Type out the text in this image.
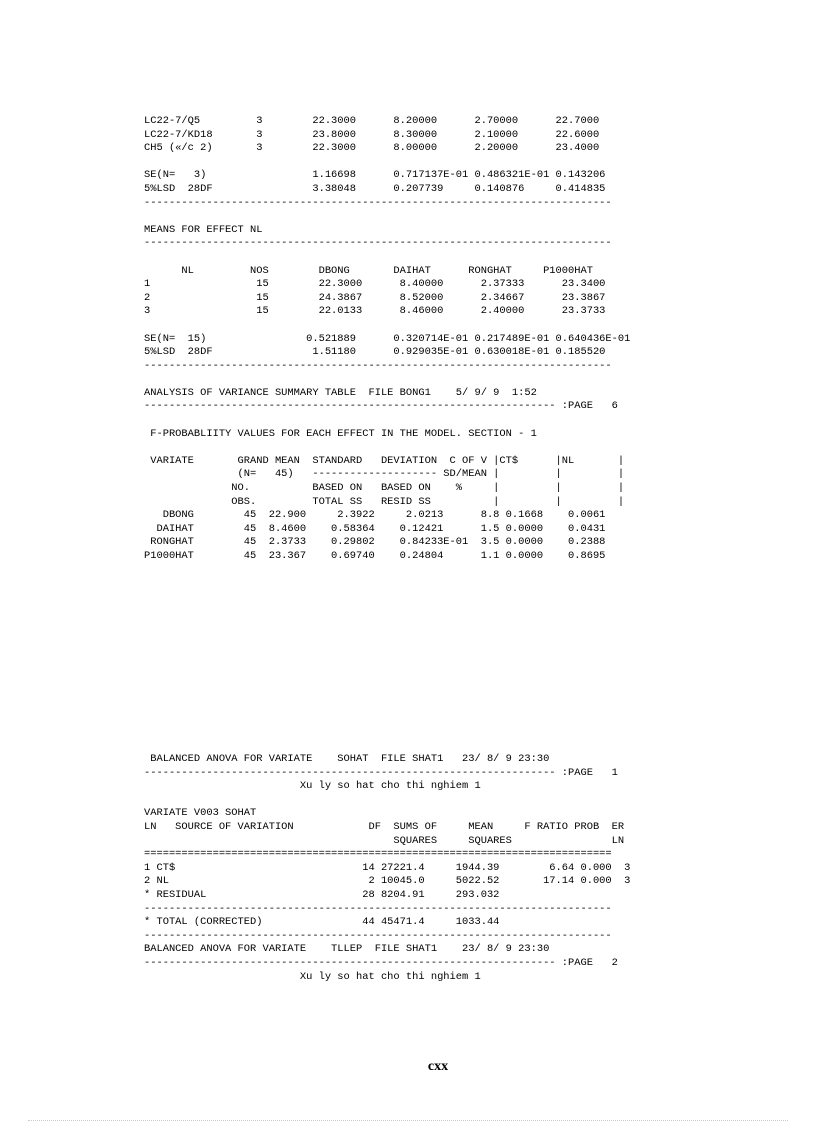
LC22-7/Q5         3        22.3000      8.20000      2.70000      22.7000
LC22-7/KD18       3        23.8000      8.30000      2.10000      22.6000
CH5 («/c 2)       3        22.3000      8.00000      2.20000      23.4000

SE(N=   3)                 1.16698      0.717137E-01 0.486321E-01 0.143206
5%LSD  28DF                3.38048      0.207739     0.140876     0.414835
---------------------------------------------------------------------------

MEANS FOR EFFECT NL
---------------------------------------------------------------------------

NL         NOS        DBONG       DAIHAT      RONGHAT     P1000HAT
1                 15        22.3000      8.40000      2.37333      23.3400
2                 15        24.3867      8.52000      2.34667      23.3867
3                 15        22.0133      8.46000      2.40000      23.3733

SE(N=  15)                0.521889      0.320714E-01 0.217489E-01 0.640436E-01
5%LSD  28DF                1.51180      0.929035E-01 0.630018E-01 0.185520
---------------------------------------------------------------------------

ANALYSIS OF VARIANCE SUMMARY TABLE  FILE BONG1    5/ 9/ 9  1:52
------------------------------------------------------------------ :PAGE   6

F-PROBABLIITY VALUES FOR EACH EFFECT IN THE MODEL. SECTION - 1

VARIATE       GRAND MEAN  STANDARD   DEVIATION  C OF V |CT$      |NL       |
(N=   45)   -------------------- SD/MEAN |         |         |
NO.          BASED ON   BASED ON    %     |         |         |
OBS.         TOTAL SS   RESID SS          |         |         |
DBONG        45  22.900     2.3922     2.0213      8.8 0.1668    0.0061
DAIHAT        45  8.4600    0.58364    0.12421      1.5 0.0000    0.0431
RONGHAT        45  2.3733    0.29802    0.84233E-01  3.5 0.0000    0.2388
P1000HAT        45  23.367    0.69740    0.24804      1.1 0.0000    0.8695
BALANCED ANOVA FOR VARIATE    SOHAT  FILE SHAT1   23/ 8/ 9 23:30
------------------------------------------------------------------ :PAGE   1
Xu ly so hat cho thi nghiem 1

VARIATE V003 SOHAT
LN   SOURCE OF VARIATION            DF  SUMS OF     MEAN     F RATIO PROB  ER
SQUARES     SQUARES                LN
===========================================================================
1 CT$                              14 27221.4     1944.39        6.64 0.000  3
2 NL                                2 10045.0     5022.52       17.14 0.000  3
* RESIDUAL                         28 8204.91     293.032
---------------------------------------------------------------------------
* TOTAL (CORRECTED)                44 45471.4     1033.44
---------------------------------------------------------------------------
BALANCED ANOVA FOR VARIATE    TLLEP  FILE SHAT1    23/ 8/ 9 23:30
------------------------------------------------------------------ :PAGE   2
Xu ly so hat cho thi nghiem 1
cxx
